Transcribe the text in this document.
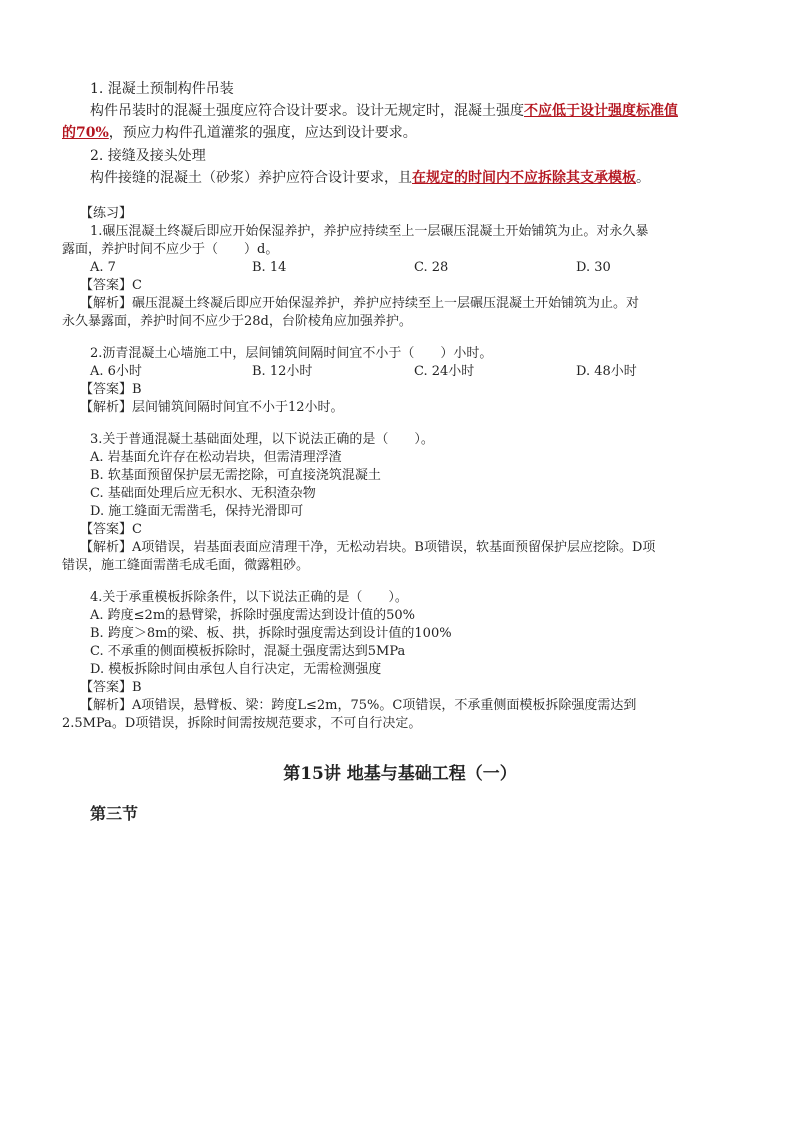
1. 混凝土预制构件吊装
构件吊装时的混凝土强度应符合设计要求。设计无规定时，混凝土强度不应低于设计强度标准值
的70%，预应力构件孔道灌浆的强度，应达到设计要求。
2. 接缝及接头处理
构件接缝的混凝土（砂浆）养护应符合设计要求，且在规定的时间内不应拆除其支承模板。
【练习】
1.碾压混凝土终凝后即应开始保湿养护，养护应持续至上一层碾压混凝土开始铺筑为止。对永久暴
露面，养护时间不应少于（　　）d。
A. 7	B. 14	C. 28	D. 30
【答案】C
【解析】碾压混凝土终凝后即应开始保湿养护，养护应持续至上一层碾压混凝土开始铺筑为止。对
永久暴露面，养护时间不应少于28d，台阶棱角应加强养护。
2.沥青混凝土心墙施工中，层间铺筑间隔时间宜不小于（　　）小时。
A. 6小时	B. 12小时	C. 24小时	D. 48小时
【答案】B
【解析】层间铺筑间隔时间宜不小于12小时。
3.关于普通混凝土基础面处理，以下说法正确的是（　　）。
A. 岩基面允许存在松动岩块，但需清理浮渣
B. 软基面预留保护层无需挖除，可直接浇筑混凝土
C. 基础面处理后应无积水、无积渣杂物
D. 施工缝面无需凿毛，保持光滑即可
【答案】C
【解析】A项错误，岩基面表面应清理干净，无松动岩块。B项错误，软基面预留保护层应挖除。D项
错误，施工缝面需凿毛成毛面，微露粗砂。
4.关于承重模板拆除条件，以下说法正确的是（　　）。
A. 跨度≤2m的悬臂梁，拆除时强度需达到设计值的50%
B. 跨度＞8m的梁、板、拱，拆除时强度需达到设计值的100%
C. 不承重的侧面模板拆除时，混凝土强度需达到5MPa
D. 模板拆除时间由承包人自行决定，无需检测强度
【答案】B
【解析】A项错误，悬臂板、梁：跨度L≤2m，75%。C项错误，不承重侧面模板拆除强度需达到
2.5MPa。D项错误，拆除时间需按规范要求，不可自行决定。
第15讲 地基与基础工程（一）
第三节
